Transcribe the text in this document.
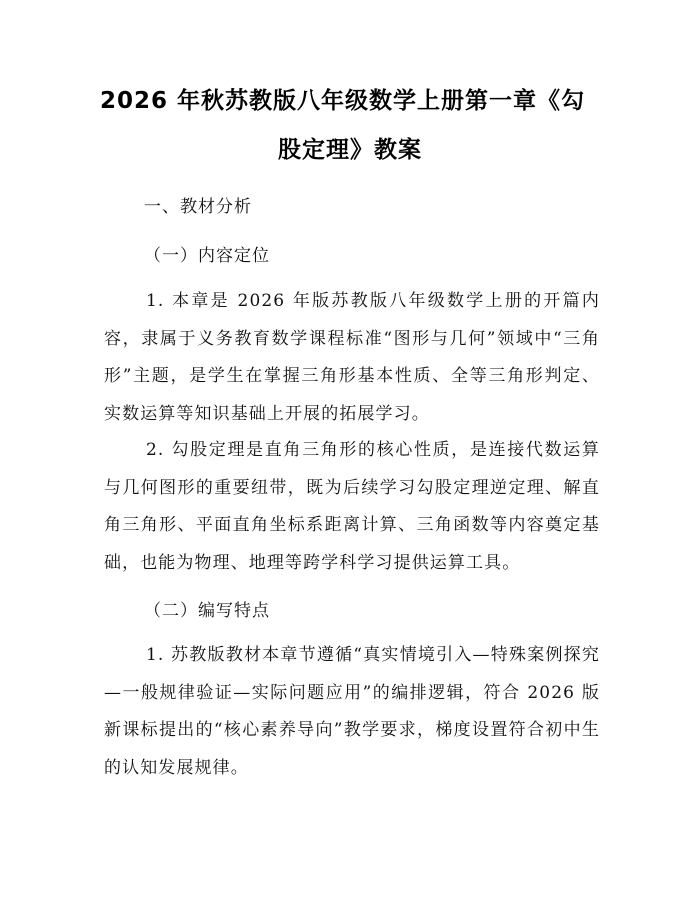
2026 年秋苏教版八年级数学上册第一章《勾
股定理》教案
一、教材分析
（一）内容定位
1. 本章是 2026 年版苏教版八年级数学上册的开篇内容，隶属于义务教育数学课程标准“图形与几何”领域中“三角形”主题，是学生在掌握三角形基本性质、全等三角形判定、实数运算等知识基础上开展的拓展学习。
2. 勾股定理是直角三角形的核心性质，是连接代数运算与几何图形的重要纽带，既为后续学习勾股定理逆定理、解直角三角形、平面直角坐标系距离计算、三角函数等内容奠定基础，也能为物理、地理等跨学科学习提供运算工具。
（二）编写特点
1. 苏教版教材本章节遵循“真实情境引入—特殊案例探究—一般规律验证—实际问题应用”的编排逻辑，符合 2026 版新课标提出的“核心素养导向”教学要求，梯度设置符合初中生的认知发展规律。
